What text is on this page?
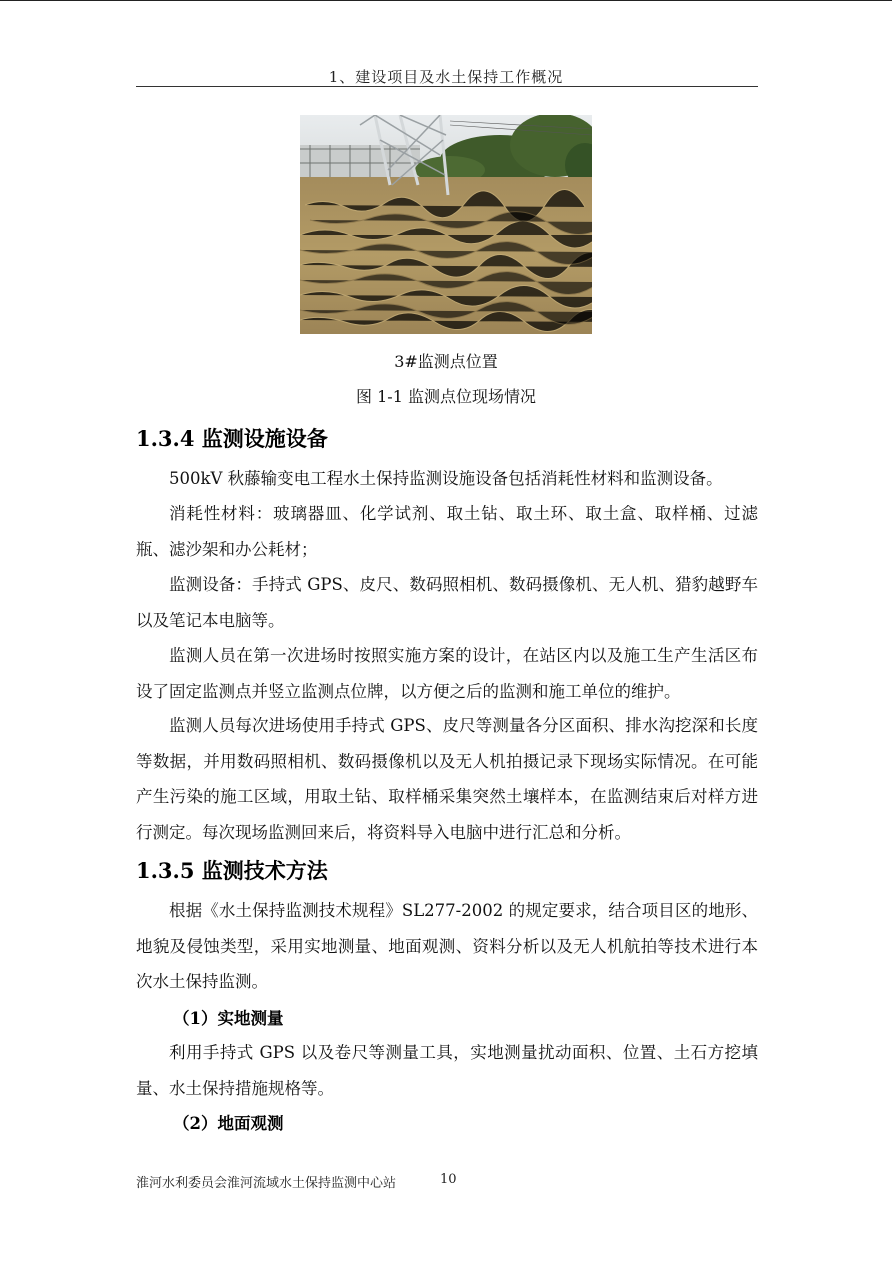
1、建设项目及水土保持工作概况
3#监测点位置
图 1-1 监测点位现场情况
1.3.4 监测设施设备

500kV 秋藤输变电工程水土保持监测设施设备包括消耗性材料和监测设备。

消耗性材料：玻璃器皿、化学试剂、取土钻、取土环、取土盒、取样桶、过滤瓶、滤沙架和办公耗材；

监测设备：手持式 GPS、皮尺、数码照相机、数码摄像机、无人机、猎豹越野车以及笔记本电脑等。

监测人员在第一次进场时按照实施方案的设计，在站区内以及施工生产生活区布设了固定监测点并竖立监测点位牌，以方便之后的监测和施工单位的维护。

监测人员每次进场使用手持式 GPS、皮尺等测量各分区面积、排水沟挖深和长度等数据，并用数码照相机、数码摄像机以及无人机拍摄记录下现场实际情况。在可能产生污染的施工区域，用取土钻、取样桶采集突然土壤样本，在监测结束后对样方进行测定。每次现场监测回来后，将资料导入电脑中进行汇总和分析。

1.3.5 监测技术方法

根据《水土保持监测技术规程》SL277-2002 的规定要求，结合项目区的地形、地貌及侵蚀类型，采用实地测量、地面观测、资料分析以及无人机航拍等技术进行本次水土保持监测。

（1）实地测量

利用手持式 GPS 以及卷尺等测量工具，实地测量扰动面积、位置、土石方挖填量、水土保持措施规格等。

（2）地面观测
淮河水利委员会淮河流域水土保持监测中心站	10
